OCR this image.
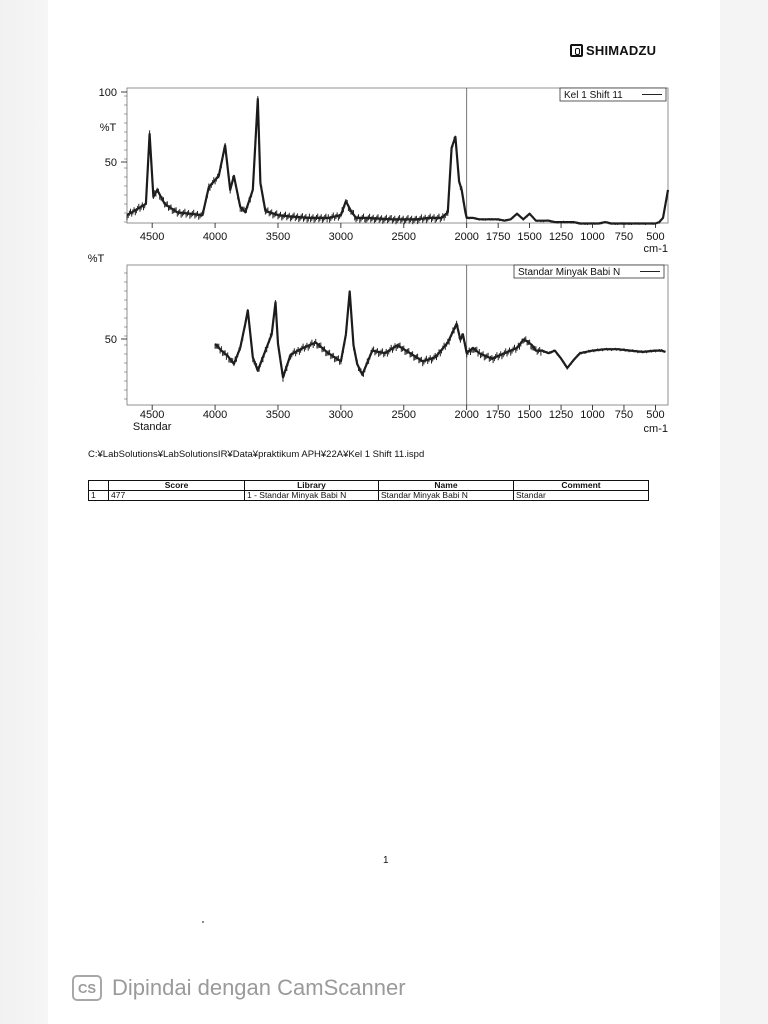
SHIMADZU
100
50
%T
4500	4000	3500	3000	2500	2000 1750 1500 1250 1000 750 500
cm-1
Kel 1 Shift 11
50
%T
4500	4000	3500	3000	2500	2000 1750 1500 1250 1000 750 500
cm-1
Standar
Standar Minyak Babi N
C:¥LabSolutions¥LabSolutionsIR¥Data¥praktikum APH¥22A¥Kel 1 Shift 11.ispd
	Score	Library	Name	Comment
1	477	1 - Standar Minyak Babi N	Standar Minyak Babi N	Standar
1
CS Dipindai dengan CamScanner
